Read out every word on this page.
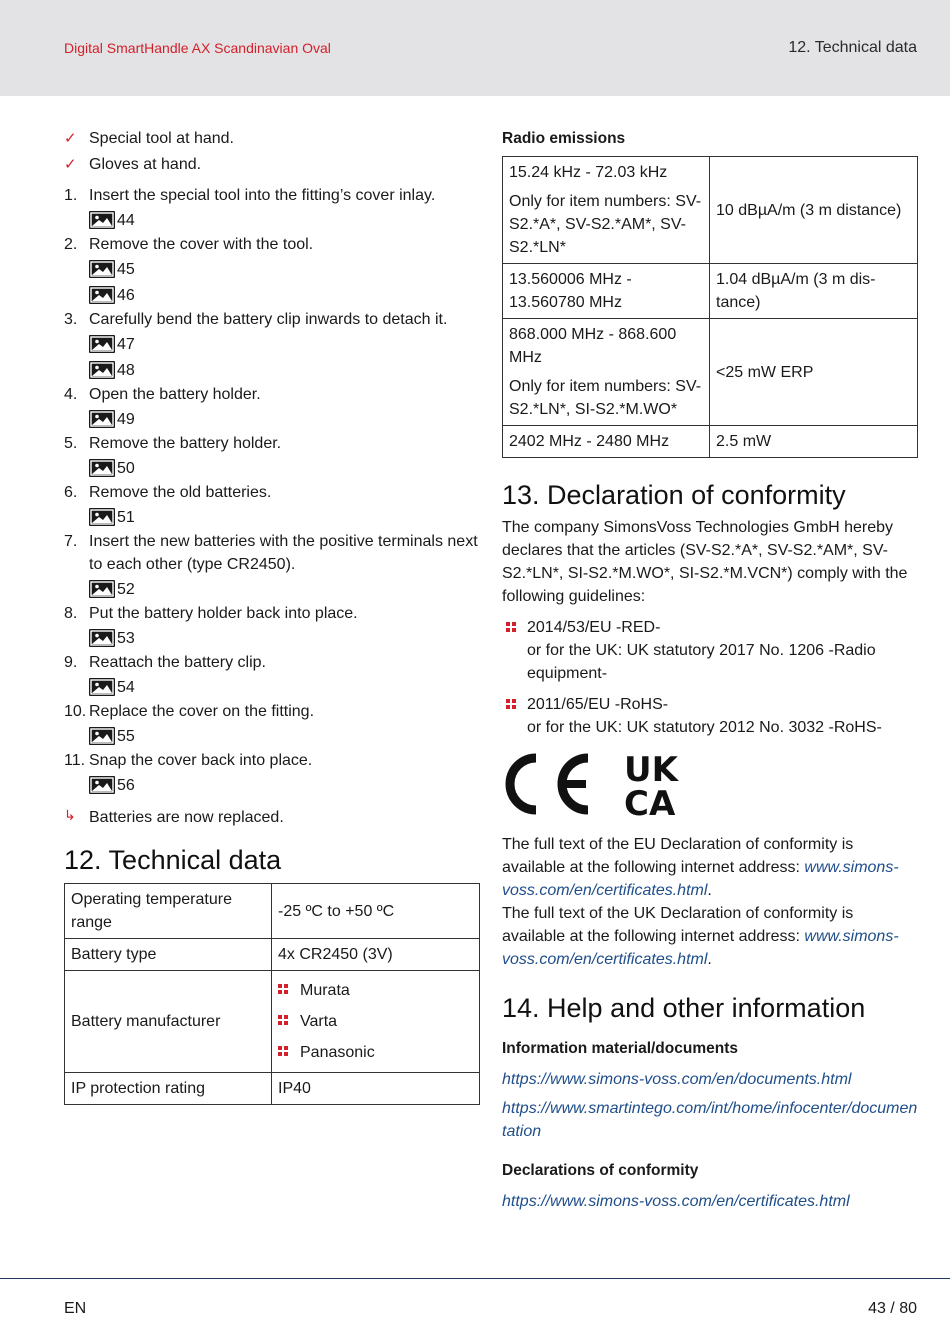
Digital SmartHandle AX Scandinavian Oval	12. Technical data
✓ Special tool at hand.
✓ Gloves at hand.
1. Insert the special tool into the fitting’s cover inlay.
44
2. Remove the cover with the tool.
45
46
3. Carefully bend the battery clip inwards to detach it.
47
48
4. Open the battery holder.
49
5. Remove the battery holder.
50
6. Remove the old batteries.
51
7. Insert the new batteries with the positive terminals next to each other (type CR2450).
52
8. Put the battery holder back into place.
53
9. Reattach the battery clip.
54
10. Replace the cover on the fitting.
55
11. Snap the cover back into place.
56
↳ Batteries are now replaced.
12. Technical data
Operating temperature range	-25 ºC to +50 ºC
Battery type	4x CR2450 (3V)
Battery manufacturer	Murata
Varta
Panasonic

IP protection rating	IP40
Radio emissions
15.24 kHz - 72.03 kHz
Only for item numbers: SV-S2.*A*, SV-S2.*AM*, SV-S2.*LN*	10 dBµA/m (3 m distance)
13.560006 MHz - 13.560780 MHz	1.04 dBµA/m (3 m distance)

868.000 MHz - 868.600 MHz
Only for item numbers: SV-S2.*LN*, SI-S2.*M.WO*	<25 mW ERP
2402 MHz - 2480 MHz	2.5 mW
13. Declaration of conformity
The company SimonsVoss Technologies GmbH hereby declares that the articles (SV-S2.*A*, SV-S2.*AM*, SV-S2.*LN*, SI-S2.*M.WO*, SI-S2.*M.VCN*) comply with the following guidelines:
2014/53/EU -RED-
or for the UK: UK statutory 2017 No. 1206 -Radio equipment-
2011/65/EU -RoHS-
or for the UK: UK statutory 2012 No. 3032 -RoHS-
UK
CA
The full text of the EU Declaration of conformity is available at the following internet address: www.simons-voss.com/en/certificates.html.
The full text of the UK Declaration of conformity is available at the following internet address: www.simons-voss.com/en/certificates.html.
14. Help and other information
Information material/documents
https://www.simons-voss.com/en/documents.html
https://www.smartintego.com/int/home/infocenter/documentation
Declarations of conformity
https://www.simons-voss.com/en/certificates.html
EN	43 / 80
